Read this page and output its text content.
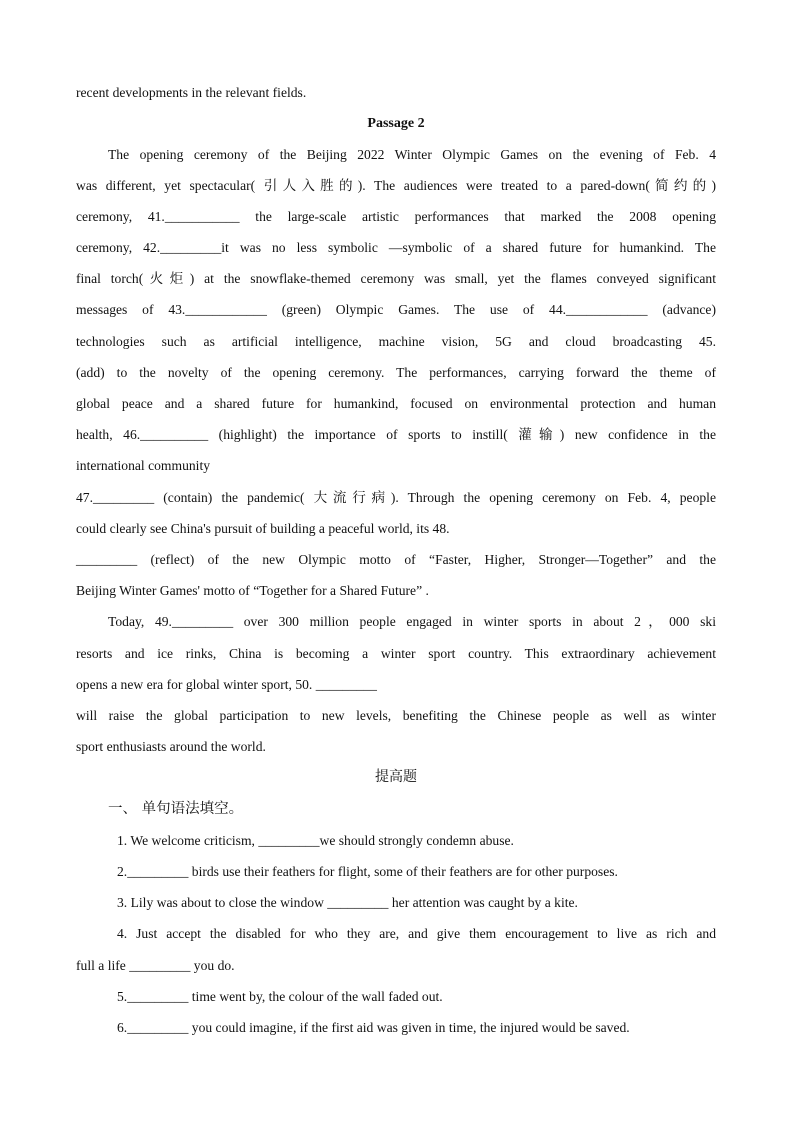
recent developments in the relevant fields.
Passage 2
The opening ceremony of the Beijing 2022 Winter Olympic Games on the evening of Feb. 4
was different, yet spectacular( 引人入胜的). The audiences were treated to a pared-down(简约的)
ceremony, 41.___________ the large-scale artistic performances that marked the 2008 opening
ceremony, 42._________it was no less symbolic —symbolic of a shared future for humankind. The
final torch(火炬) at the snowflake-themed ceremony was small, yet the flames conveyed significant
messages of 43.____________ (green) Olympic Games. The use of 44.____________ (advance)
technologies such as artificial intelligence, machine vision, 5G and cloud broadcasting 45.
(add) to the novelty of the opening ceremony. The performances, carrying forward the theme of
global peace and a shared future for humankind, focused on environmental protection and human
health, 46.__________ (highlight) the importance of sports to instill( 灌输) new confidence in the
international community
47._________ (contain) the pandemic( 大流行病). Through the opening ceremony on Feb. 4, people
could clearly see China's pursuit of building a peaceful world, its 48.
_________ (reflect) of the new Olympic motto of “Faster, Higher, Stronger—Together” and the
Beijing Winter Games' motto of “Together for a Shared Future” .
Today, 49._________ over 300 million people engaged in winter sports in about 2，000 ski
resorts and ice rinks, China is becoming a winter sport country. This extraordinary achievement
opens a new era for global winter sport, 50. _________
will raise the global participation to new levels, benefiting the Chinese people as well as winter
sport enthusiasts around the world.
提高题
一、 单句语法填空。
1. We welcome criticism, _________we should strongly condemn abuse.
2._________ birds use their feathers for flight, some of their feathers are for other purposes.
3. Lily was about to close the window _________ her attention was caught by a kite.
4. Just accept the disabled for who they are, and give them encouragement to live as rich and
full a life _________ you do.
5._________ time went by, the colour of the wall faded out.
6._________ you could imagine, if the first aid was given in time, the injured would be saved.
